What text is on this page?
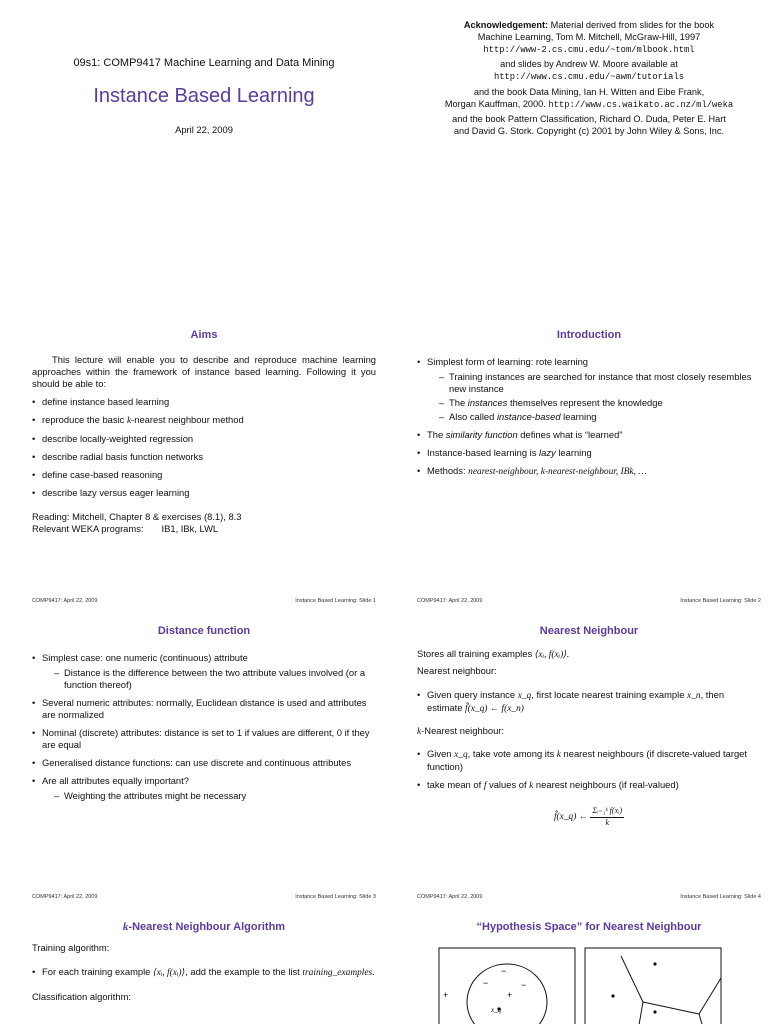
09s1: COMP9417 Machine Learning and Data Mining
Instance Based Learning
April 22, 2009

Acknowledgement: Material derived from slides for the book
Machine Learning, Tom M. Mitchell, McGraw-Hill, 1997
http://www-2.cs.cmu.edu/~tom/mlbook.html

and slides by Andrew W. Moore available at
http://www.cs.cmu.edu/~awm/tutorials

and the book Data Mining, Ian H. Witten and Eibe Frank,
Morgan Kauffman, 2000. http://www.cs.waikato.ac.nz/ml/weka

and the book Pattern Classification, Richard O. Duda, Peter E. Hart
and David G. Stork. Copyright (c) 2001 by John Wiley & Sons, Inc.

Aims
This lecture will enable you to describe and reproduce machine learning approaches within the framework of instance based learning. Following it you should be able to:
• define instance based learning
• reproduce the basic k-nearest neighbour method
• describe locally-weighted regression
• describe radial basis function networks
• define case-based reasoning
• describe lazy versus eager learning
Reading: Mitchell, Chapter 8 & exercises (8.1), 8.3
Relevant WEKA programs: IB1, IBk, LWL
COMP9417: April 22, 2009	Instance Based Learning: Slide 1
Introduction
• Simplest form of learning: rote learning
– Training instances are searched for instance that most closely resembles new instance
– The instances themselves represent the knowledge
– Also called instance-based learning
• The similarity function defines what is “learned”
• Instance-based learning is lazy learning
• Methods: nearest-neighbour, k-nearest-neighbour, IBk, …
COMP9417: April 22, 2009	Instance Based Learning: Slide 2
Distance function
• Simplest case: one numeric (continuous) attribute
– Distance is the difference between the two attribute values involved (or a function thereof)
• Several numeric attributes: normally, Euclidean distance is used and attributes are normalized
• Nominal (discrete) attributes: distance is set to 1 if values are different, 0 if they are equal
• Generalised distance functions: can use discrete and continuous attributes
• Are all attributes equally important?
– Weighting the attributes might be necessary
COMP9417: April 22, 2009	Instance Based Learning: Slide 3
Nearest Neighbour
Stores all training examples ⟨xᵢ, f(xᵢ)⟩.
Nearest neighbour:
• Given query instance x_q, first locate nearest training example x_n, then estimate f̂(x_q) ← f(x_n)
k-Nearest neighbour:
• Given x_q, take vote among its k nearest neighbours (if discrete-valued target function)
• take mean of f values of k nearest neighbours (if real-valued)
f̂(x_q) ← $\frac{\text{Σᵢ₌₁ᵏ f(xᵢ)}}{k}$
COMP9417: April 22, 2009	Instance Based Learning: Slide 4
k-Nearest Neighbour Algorithm
Training algorithm:
• For each training example ⟨xᵢ, f(xᵢ)⟩, add the example to the list training_examples.
Classification algorithm:
“Hypothesis Space” for Nearest Neighbour
+	+
−
−
−
x_q
